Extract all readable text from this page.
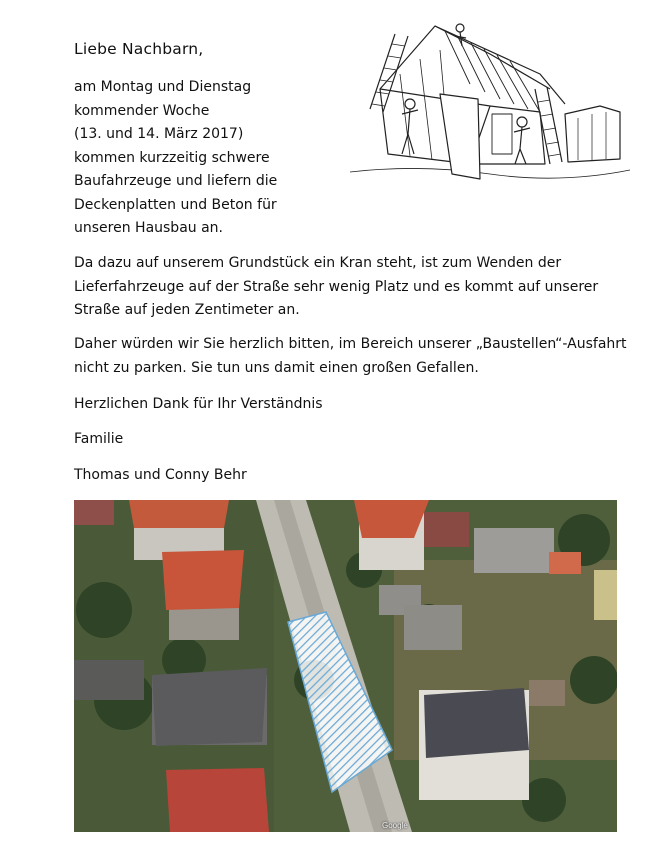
Liebe Nachbarn,
am Montag und Dienstag
kommender Woche
(13. und 14. März 2017)
kommen kurzzeitig schwere
Baufahrzeuge und liefern die
Deckenplatten und Beton für
unseren Hausbau an.
Da dazu auf unserem Grundstück ein Kran steht, ist zum Wenden der Lieferfahrzeuge auf der Straße sehr wenig Platz und es kommt auf unserer Straße auf jeden Zentimeter an.
Daher würden wir Sie herzlich bitten, im Bereich unserer „Baustellen“-Ausfahrt nicht zu parken. Sie tun uns damit einen großen Gefallen.
Herzlichen Dank für Ihr Verständnis
Familie
Thomas und Conny Behr
Google
